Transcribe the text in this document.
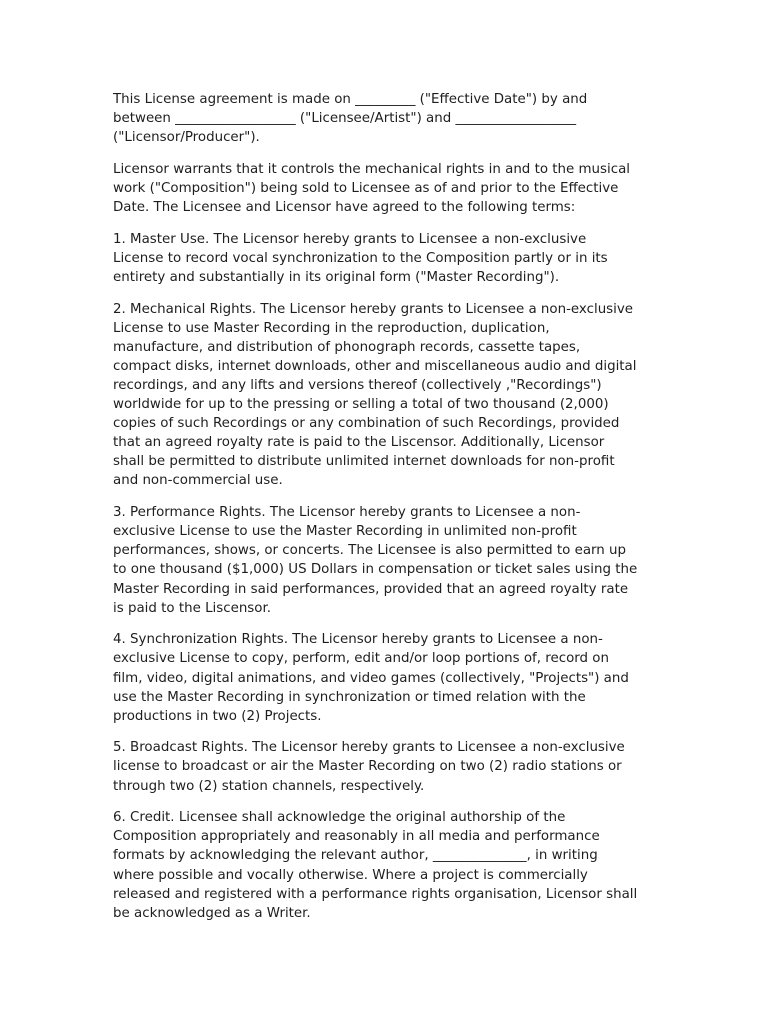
This License agreement is made on _________ ("Effective Date") by and
between __________________ ("Licensee/Artist") and __________________
("Licensor/Producer").

Licensor warrants that it controls the mechanical rights in and to the musical
work ("Composition") being sold to Licensee as of and prior to the Effective
Date. The Licensee and Licensor have agreed to the following terms:

1. Master Use. The Licensor hereby grants to Licensee a non-exclusive
License to record vocal synchronization to the Composition partly or in its
entirety and substantially in its original form ("Master Recording").

2. Mechanical Rights. The Licensor hereby grants to Licensee a non-exclusive
License to use Master Recording in the reproduction, duplication,
manufacture, and distribution of phonograph records, cassette tapes,
compact disks, internet downloads, other and miscellaneous audio and digital
recordings, and any lifts and versions thereof (collectively ,"Recordings")
worldwide for up to the pressing or selling a total of two thousand (2,000)
copies of such Recordings or any combination of such Recordings, provided
that an agreed royalty rate is paid to the Liscensor. Additionally, Licensor
shall be permitted to distribute unlimited internet downloads for non-profit
and non-commercial use.

3. Performance Rights. The Licensor hereby grants to Licensee a non-
exclusive License to use the Master Recording in unlimited non-profit
performances, shows, or concerts. The Licensee is also permitted to earn up
to one thousand ($1,000) US Dollars in compensation or ticket sales using the
Master Recording in said performances, provided that an agreed royalty rate
is paid to the Liscensor.

4. Synchronization Rights. The Licensor hereby grants to Licensee a non-
exclusive License to copy, perform, edit and/or loop portions of, record on
film, video, digital animations, and video games (collectively, "Projects") and
use the Master Recording in synchronization or timed relation with the
productions in two (2) Projects.

5. Broadcast Rights. The Licensor hereby grants to Licensee a non-exclusive
license to broadcast or air the Master Recording on two (2) radio stations or
through two (2) station channels, respectively.

6. Credit. Licensee shall acknowledge the original authorship of the
Composition appropriately and reasonably in all media and performance
formats by acknowledging the relevant author, ______________, in writing
where possible and vocally otherwise. Where a project is commercially
released and registered with a performance rights organisation, Licensor shall
be acknowledged as a Writer.
